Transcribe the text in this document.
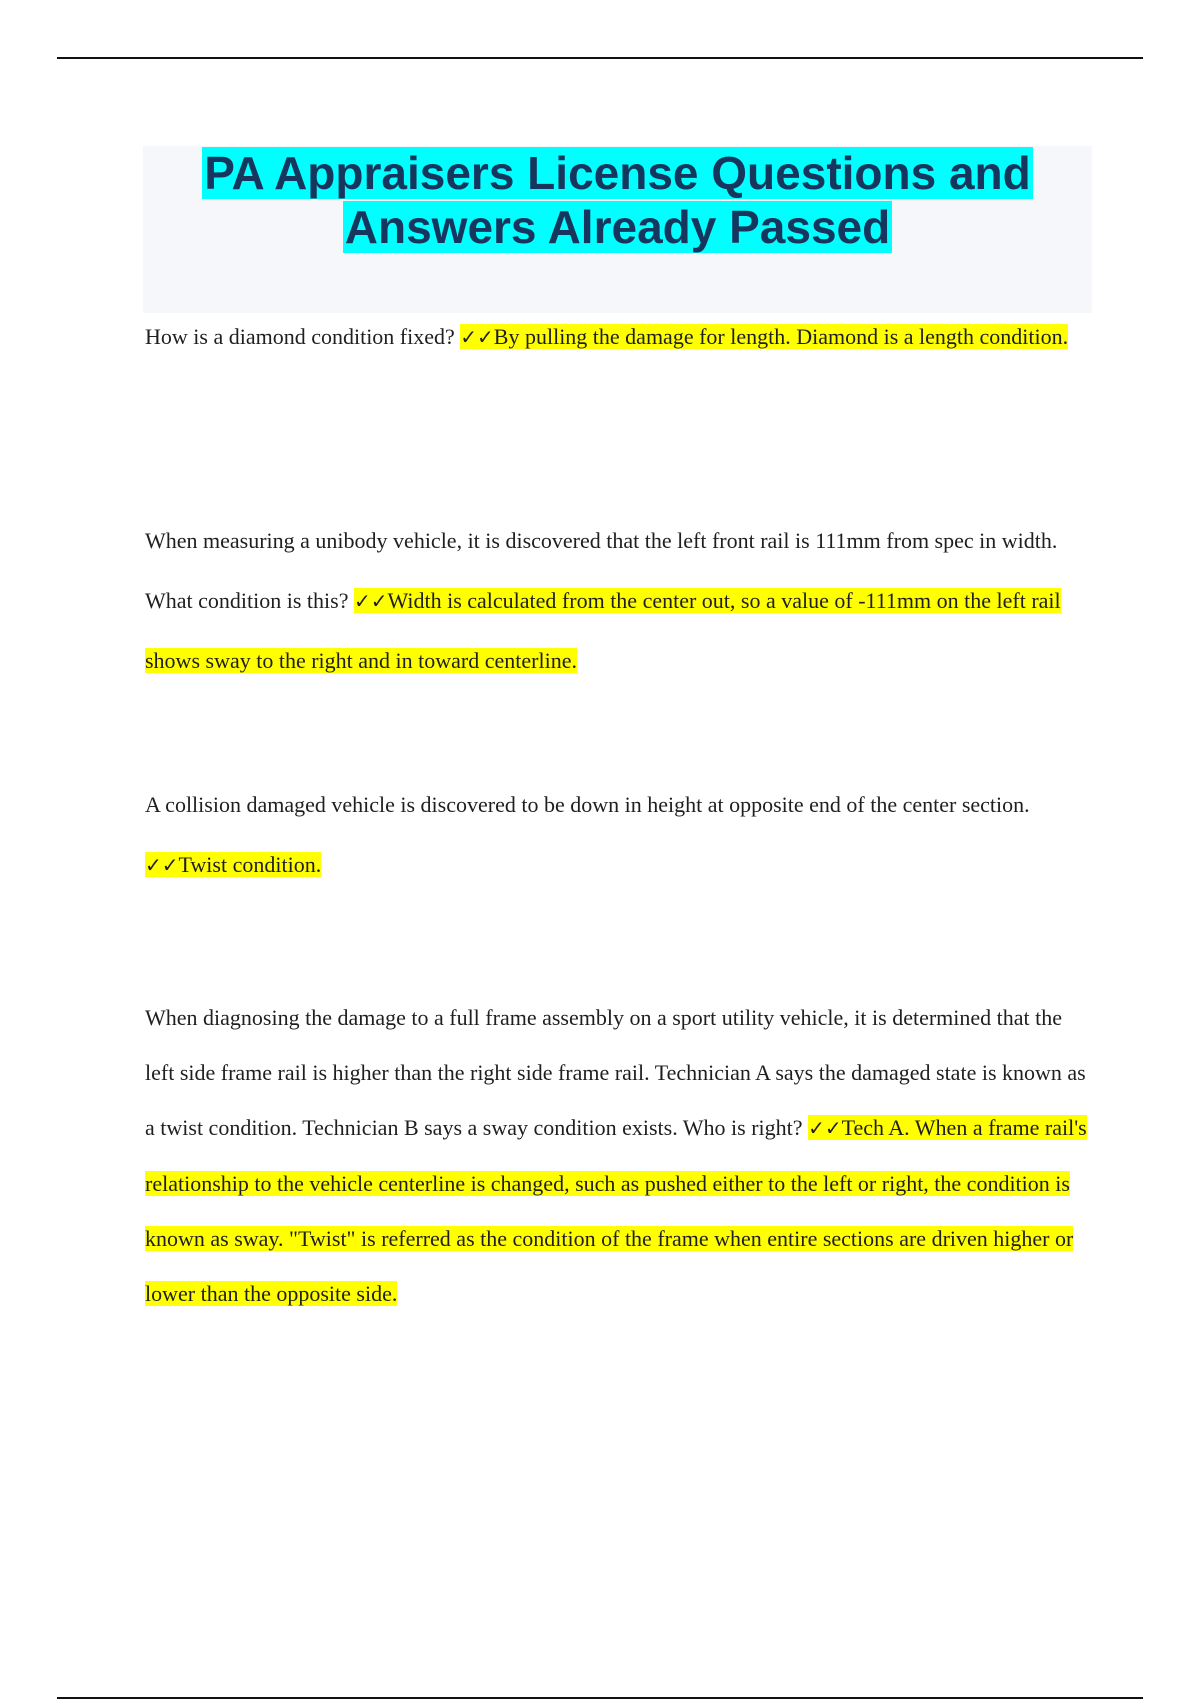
PA Appraisers License Questions and
Answers Already Passed

How is a diamond condition fixed? ✓✓By pulling the damage for length. Diamond is a length condition.

When measuring a unibody vehicle, it is discovered that the left front rail is 111mm from spec in width. What condition is this? ✓✓Width is calculated from the center out, so a value of -111mm on the left rail shows sway to the right and in toward centerline.

A collision damaged vehicle is discovered to be down in height at opposite end of the center section. ✓✓Twist condition.

When diagnosing the damage to a full frame assembly on a sport utility vehicle, it is determined that the left side frame rail is higher than the right side frame rail. Technician A says the damaged state is known as a twist condition. Technician B says a sway condition exists. Who is right? ✓✓Tech A. When a frame rail's relationship to the vehicle centerline is changed, such as pushed either to the left or right, the condition is known as sway. "Twist" is referred as the condition of the frame when entire sections are driven higher or lower than the opposite side.
